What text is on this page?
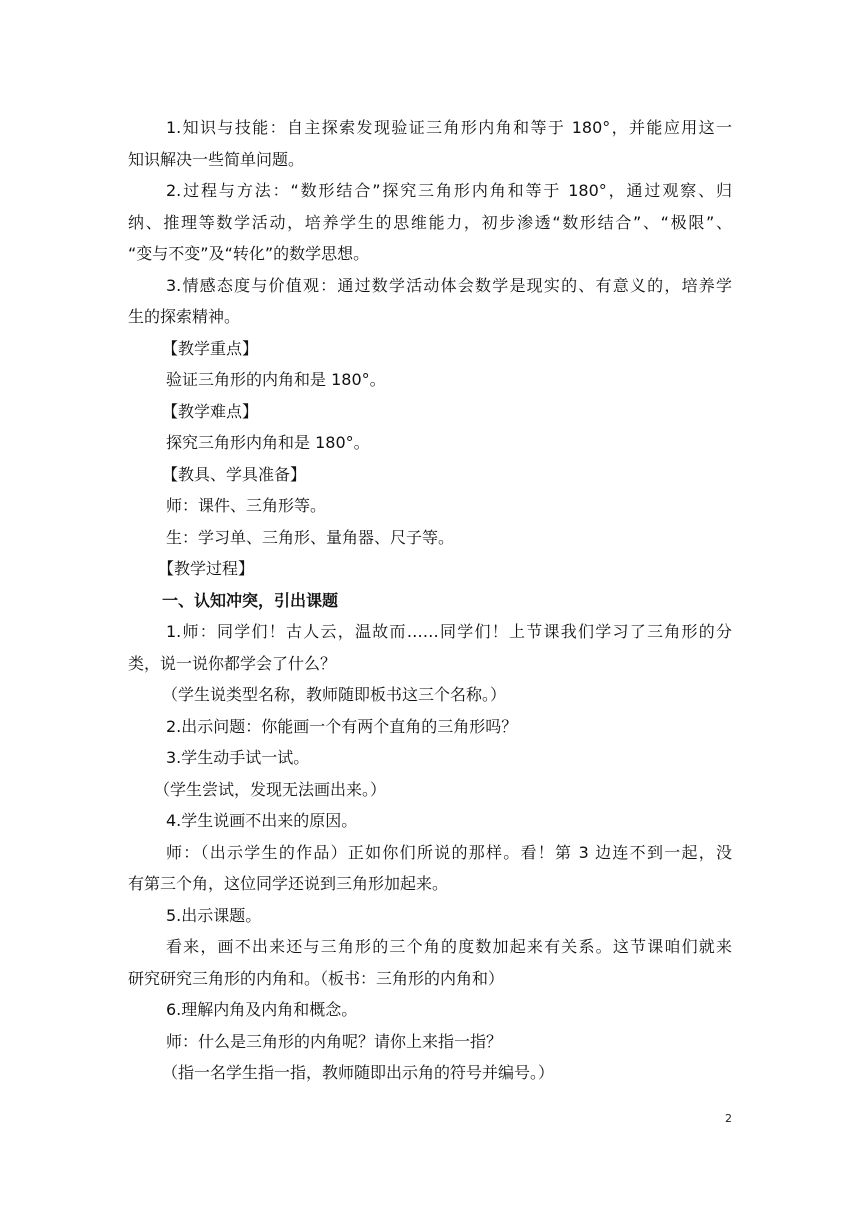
1.知识与技能：自主探索发现验证三角形内角和等于 180°，并能应用这一

知识解决一些简单问题。

2.过程与方法：“数形结合”探究三角形内角和等于 180°，通过观察、归

纳、推理等数学活动，培养学生的思维能力，初步渗透“数形结合”、“极限”、

“变与不变”及“转化”的数学思想。

3.情感态度与价值观：通过数学活动体会数学是现实的、有意义的，培养学

生的探索精神。

【教学重点】

验证三角形的内角和是 180°。

【教学难点】

探究三角形内角和是 180°。

【教具、学具准备】

师：课件、三角形等。

生：学习单、三角形、量角器、尺子等。

【教学过程】

一、认知冲突，引出课题

1.师：同学们！古人云，温故而……同学们！上节课我们学习了三角形的分

类，说一说你都学会了什么？

（学生说类型名称，教师随即板书这三个名称。）

2.出示问题：你能画一个有两个直角的三角形吗？

3.学生动手试一试。

（学生尝试，发现无法画出来。）

4.学生说画不出来的原因。

师：（出示学生的作品）正如你们所说的那样。看！第 3 边连不到一起，没

有第三个角，这位同学还说到三角形加起来。

5.出示课题。

看来，画不出来还与三角形的三个角的度数加起来有关系。这节课咱们就来

研究研究三角形的内角和。（板书：三角形的内角和）

6.理解内角及内角和概念。

师：什么是三角形的内角呢？请你上来指一指？

（指一名学生指一指，教师随即出示角的符号并编号。）

2
